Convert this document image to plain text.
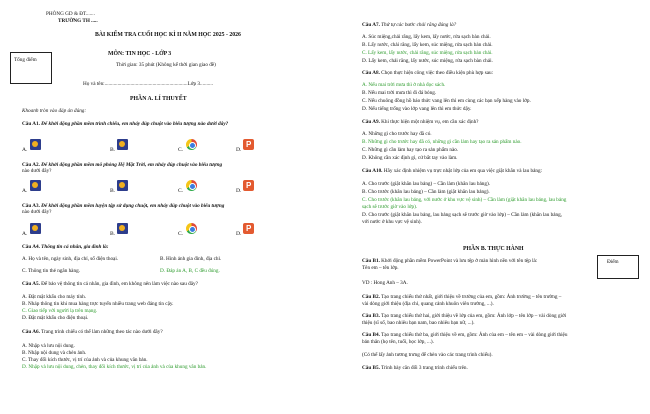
PHÒNG GD & ĐT.......
TRƯỜNG TH .....
BÀI KIỂM TRA CUỐI HỌC KÌ II NĂM HỌC 2025 - 2026
Tổng điểm
MÔN: TIN HỌC - LỚP 3
Thời gian: 35 phút (Không kể thời gian giao đề)
Họ và tên:................................................................Lớp 3..........
PHẦN A. LÍ THUYẾT
Khoanh tròn vào đáp án đúng:
Câu A1. Để khởi động phần mềm trình chiếu, em nháy đúp chuột vào biểu tượng nào dưới đây?
A.	B.	C.	D.
P
Câu A2. Để khởi động phần mềm mô phỏng Hệ Mặt Trời, em nháy đúp chuột vào biểu tượng
nào dưới đây?
A.	B.	C.	D.
P
Câu A3. Để khởi động phần mềm luyện tập sử dụng chuột, em nháy đúp chuột vào biểu tượng
nào dưới đây?
A.	B.	C.	D.
P
Câu A4. Thông tin cá nhân, gia đình là:
A. Họ và tên, ngày sinh, địa chỉ, số điện thoại.	B. Hình ảnh gia đình, địa chỉ.
C. Thông tin thẻ ngân hàng.	D. Đáp án A, B, C đều đúng.
Câu A5. Để bảo vệ thông tin cá nhân, gia đình, em không nên làm việc nào sau đây?
A. Đặt mật khẩu cho máy tính.
B. Nháp thông tin khi mua hàng trực tuyến nhiều trang web đáng tin cậy.
C. Giao tiếp với người lạ trên mạng.
D. Đặt mật khẩu cho điện thoại.
Câu A6. Trang trình chiếu có thể làm những theo tác nào dưới đây?
A. Nhập và lưu nội dung.
B. Nhập nội dung và chèn ảnh.
C. Thay đổi kích thước, vị trí của ảnh và của khung văn bản.
D. Nhập và lưu nội dung, chèn, thay đổi kích thước, vị trí của ảnh và của khung văn bản.
Câu A7. Thứ tự các bước chải răng đúng là?
A. Súc miệng,chải răng, lấy kem, lấy nước, rửa sạch bàn chải.
B. Lấy nước, chải răng, lấy kem, súc miệng, rửa sạch bàn chải.
C. Lấy kem, lấy nước, chải răng, súc miệng, rửa sạch bàn chải.
D. Lấy kem, chải răng, lấy nước, súc miệng, rửa sạch bàn chải.
Câu A8. Chọn thực hiện công việc theo điều kiện phù hợp sau:
A. Nếu mai trời mưa thì ở nhà đọc sách.
B. Nếu mai trời mưa thì đi đá bóng.
C. Nếu chuông đồng hồ báo thức vang lên thì em cùng các bạn xếp hàng vào lớp.
D. Nếu tiếng trống vào lớp vang lên thì em thức dậy.
Câu A9. Khi thực hiện một nhiệm vụ, em cần xác định?
A. Những gì cho trước hay đã có.
B. Những gì cho trước hay đã có, những gì cần làm hay tạo ra sản phẩm nào.
C. Những gì cần làm hay tạo ra sản phẩm nào.
D. Không cần xác định gì, cứ bắt tay vào làm.
Câu A10. Hãy xác định nhiệm vụ trực nhật lớp của em qua việc giặt khăn và lau bảng:
A. Cho trước (giặt khăn lau bảng) – Cần làm (khăn lau bảng).
B. Cho trước (khăn lau bảng) – Cần làm (giặt khăn lau bảng).
C. Cho trước (khăn lau bảng, với nước ở khu vực vệ sinh) – Cần làm (giặt khăn lau bảng, lau bảng
sạch sẽ trước giờ vào lớp).
D. Cho trước (giặt khăn lau bảng, lau bảng sạch sẽ trước giờ vào lớp) – Cần làm (khăn lau bảng,
với nước ở khu vực vệ sinh).
PHẦN B. THỰC HÀNH
Câu B1. Khởi động phần mềm PowerPoint và lưu tệp ở màn hình nền với tên tệp là:
Tên em – tên lớp.
Điểm
VD : Hong Anh – 3A.
Câu B2. Tạo trang chiếu thứ nhất, giới thiệu về trường của em, gồm: Ảnh trường – tên trường –
vài dòng giới thiệu (địa chỉ, quang cảnh khuôn viên trường, ...).
Câu B3. Tạo trang chiếu thứ hai, giới thiệu về lớp của em, gồm: Ảnh lớp – tên lớp – vài dòng giới
thiệu (sĩ số, bao nhiêu bạn nam, bao nhiêu bạn nữ, ...).
Câu B4. Tạo trang chiếu thứ ba, giới thiệu về em, gồm: Ảnh của em – tên em – vài dòng giới thiệu
bản thân (họ tên, tuổi, học lớp, ...).
(Có thể lấy ảnh tương trưng để chèn vào các trang trình chiếu).
Câu B5. Trình bày căn đối 3 trang trình chiếu trên.
